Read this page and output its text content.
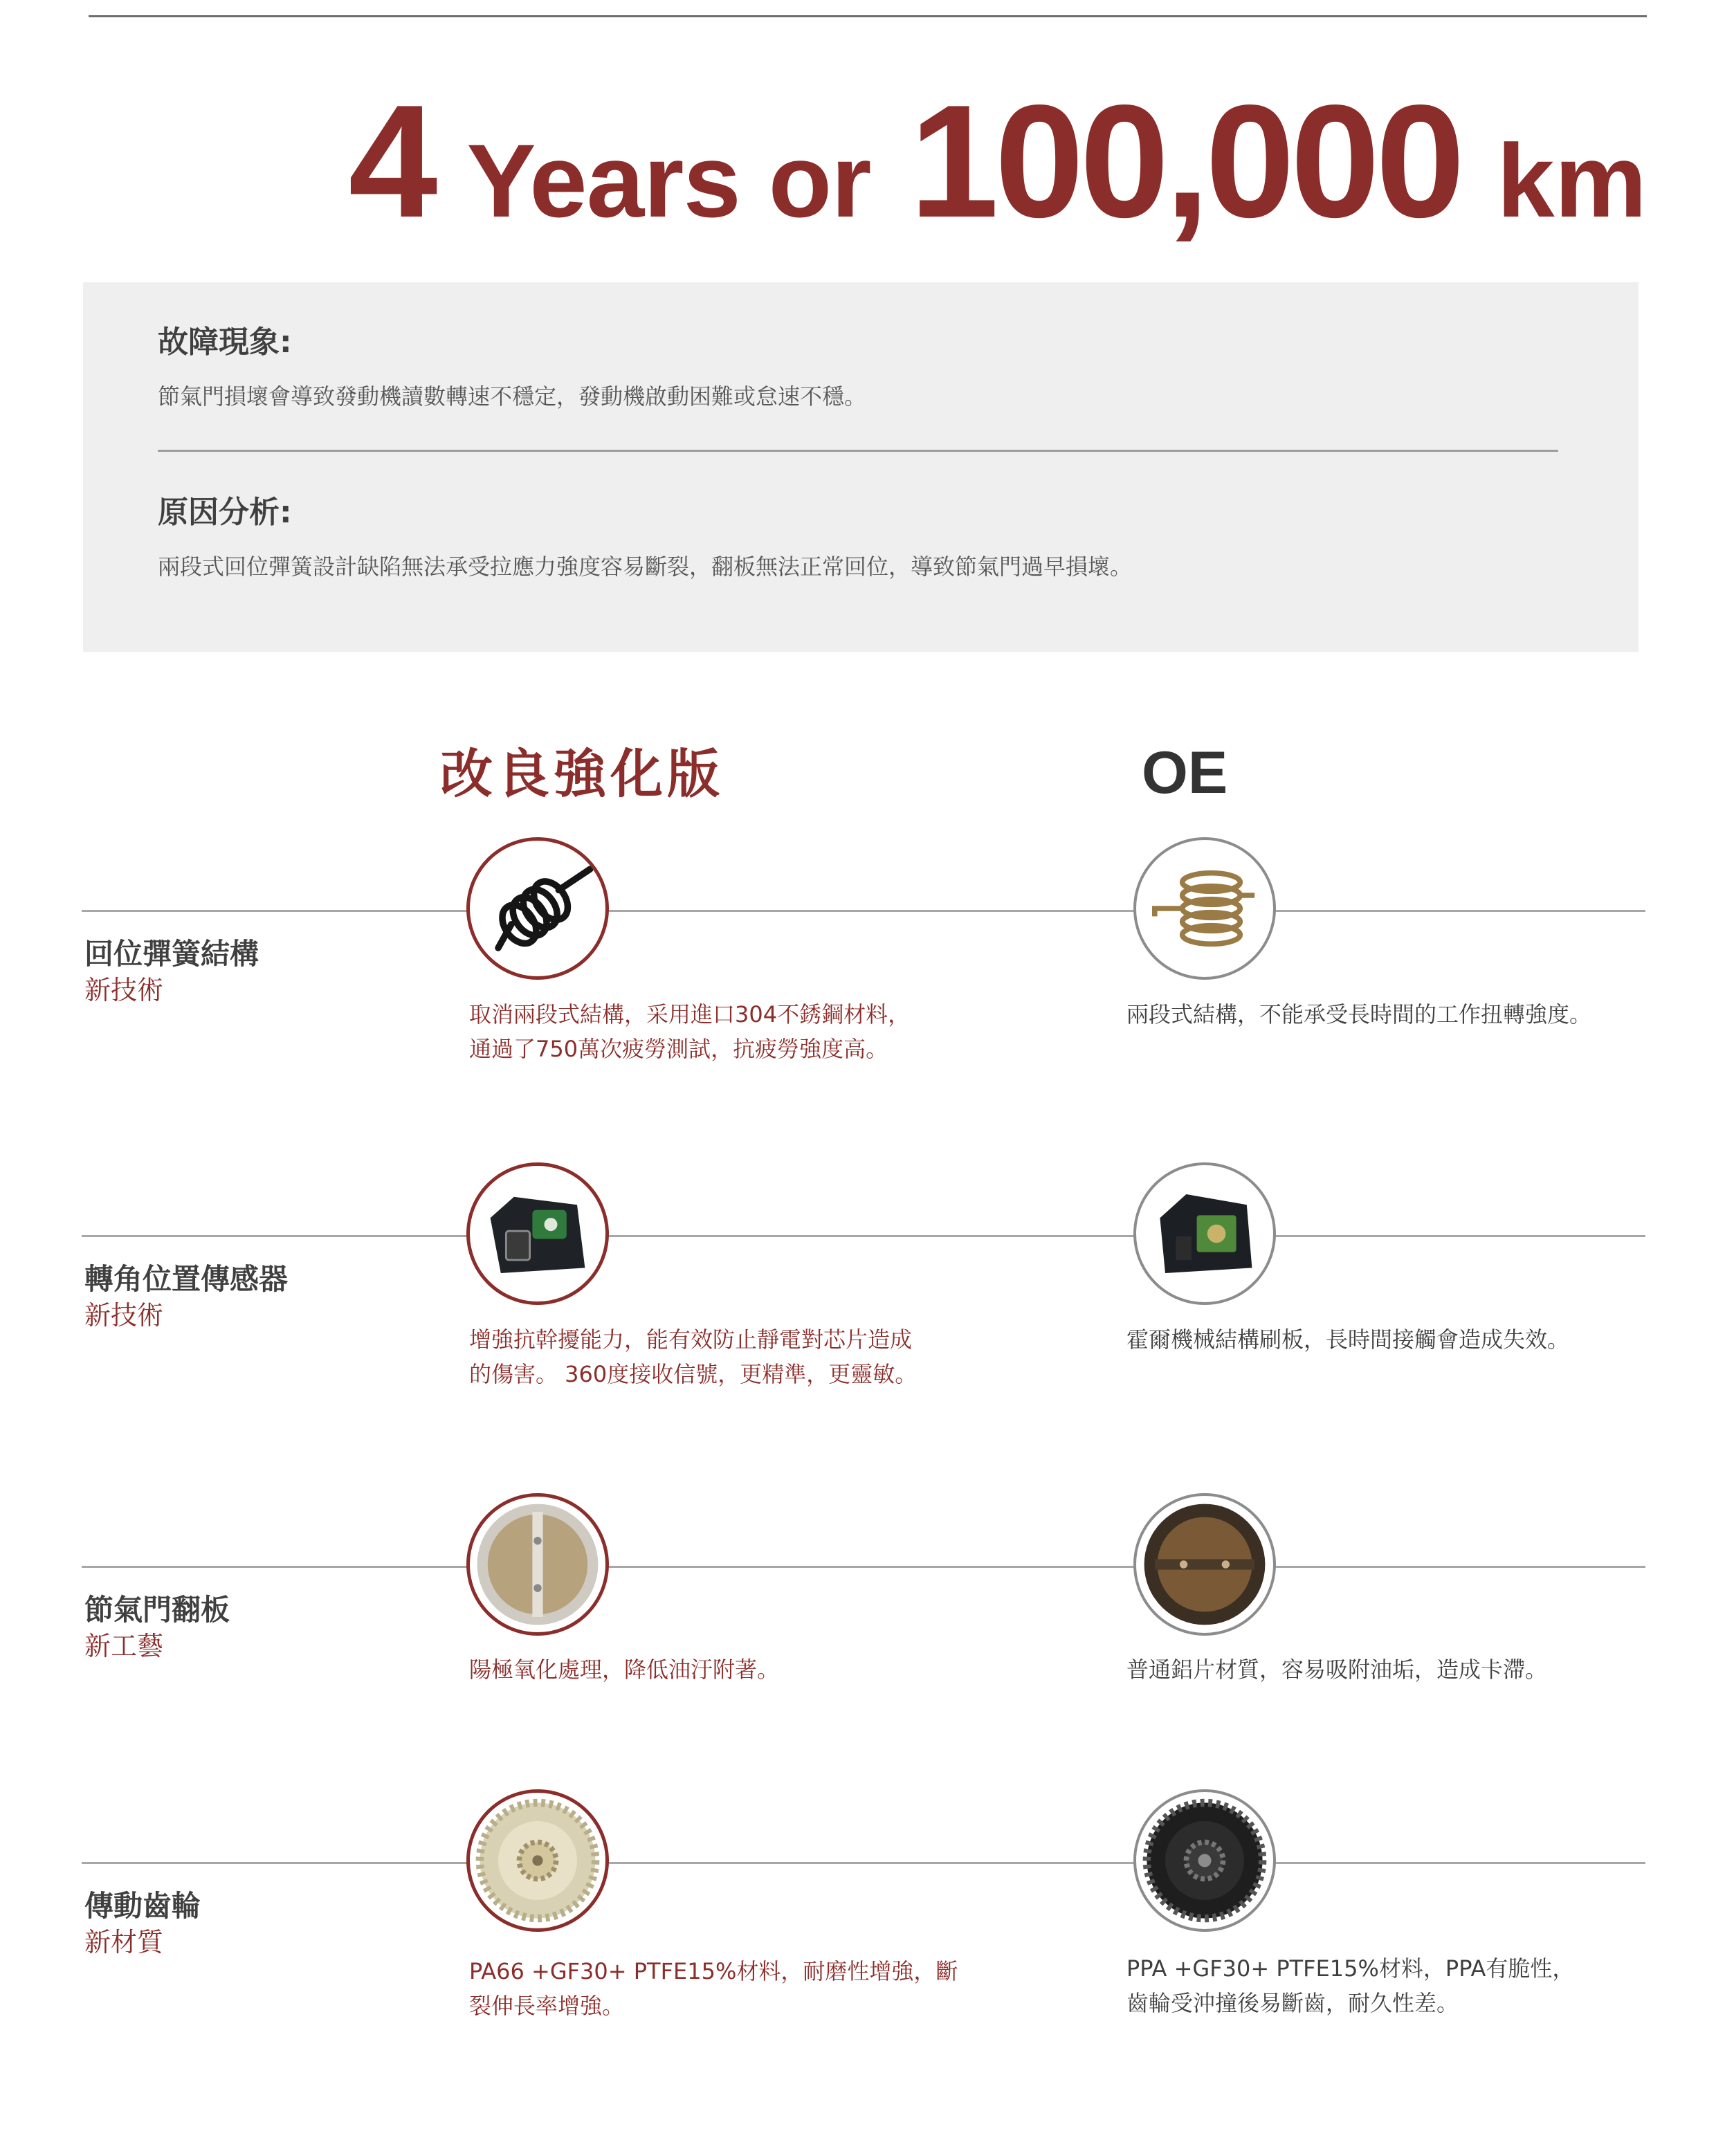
4 Years or 100,000 km
故障現象:
節氣門損壞會導致發動機讀數轉速不穩定，發動機啟動困難或怠速不穩。
原因分析:
兩段式回位彈簧設計缺陷無法承受拉應力強度容易斷裂，翻板無法正常回位，導致節氣門過早損壞。
改良強化版	OE
回位彈簧結構
新技術
取消兩段式結構，采用進口304不銹鋼材料，
通過了750萬次疲勞測試，抗疲勞強度高。
兩段式結構，不能承受長時間的工作扭轉強度。
轉角位置傳感器
新技術
增強抗幹擾能力，能有效防止靜電對芯片造成
的傷害。 360度接收信號，更精準，更靈敏。
霍爾機械結構刷板，長時間接觸會造成失效。
節氣門翻板
新工藝
陽極氧化處理，降低油汙附著。	普通鋁片材質，容易吸附油垢，造成卡滯。
傳動齒輪
新材質
PA66 +GF30+ PTFE15%材料，耐磨性增強，斷
裂伸長率增強。
PPA +GF30+ PTFE15%材料，PPA有脆性，
齒輪受沖撞後易斷齒，耐久性差。
